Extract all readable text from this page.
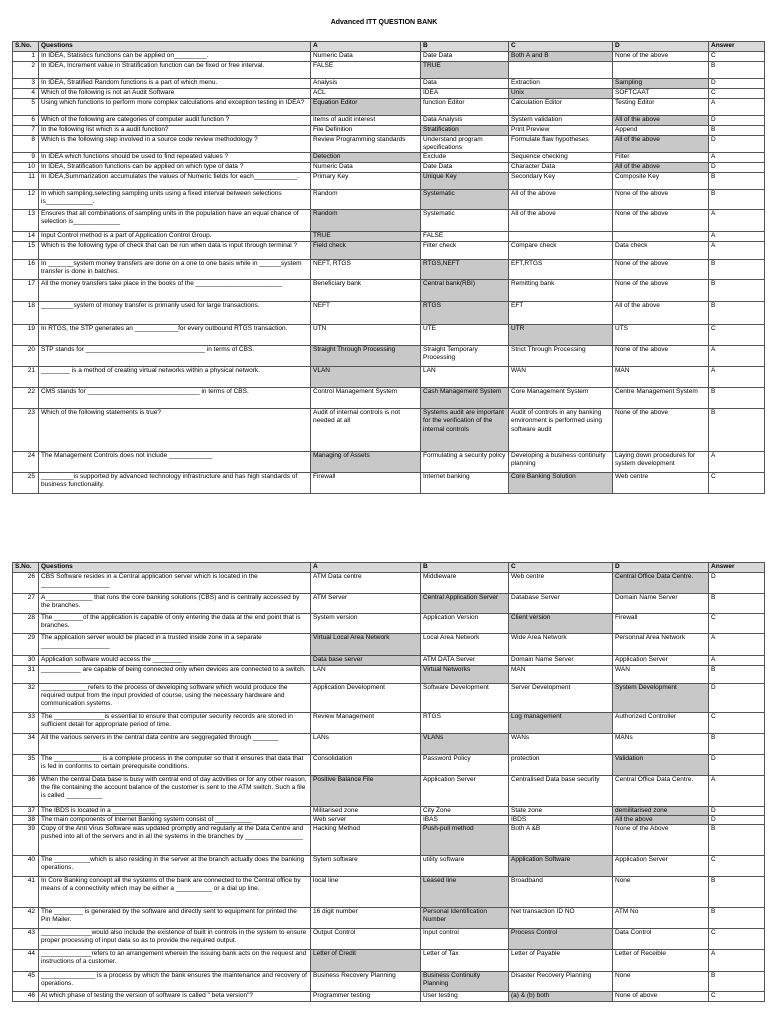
Advanced ITT QUESTION BANK
S.No.	Questions	A	B	C	D	Answer
1	In IDEA, Statistics functions can be applied on_________.	Numeric Data	Date Data	Both A and B	None of the above	C
2	In IDEA, Increment value in Stratification function can be fixed or free interval.	FALSE	TRUE			B
3	In IDEA, Stratified Random functions is a part of which menu.	Analysis	Data	Extraction	Sampling	D
4	Which of the following is not an Audit Software	ACL	IDEA	Unix	SOFTCAAT	C
5	Using which functions to perform more complex calculations and exception testing in IDEA?	Equation Editor	function Editor	Calculation Editor	Testing Editor	A
6	Which of the following are categories of computer audit function ?	Items of audit interest	Data Analysis	System validation	All of the above	D
7	In the following list which is a audit function?	File Definition	Stratification	Print Preview	Append	B
8	Which is the following step involved in a source code review methodology ?	Review Programming standards	Understand program specifications	Formulate flaw hypotheses	All of the above	D
9	In IDEA which functions should be used to find repeated values ?	Detection	Exclude	Sequence checking	Filter	A
10	In IDEA, Stratification functions can be applied on which type of data ?	Numeric Data	Date Data	Character Data	All of the above	D
11	In IDEA,Summarization accumulates the values of Numeric fields for each____________.	Primary Key	Unique Key	Secondary Key	Composite Key	B
12	In which sampling,selecting sampling units using a fixed interval between selections is_____________.	Random	Systematic	All of the above	None of the above	B
13	Ensures that all combinations of sampling units in the population have an equal chance of selection is_____________	Random	Systematic	All of the above	None of the above	A
14	Input Control method is a part of Application Control Group.	TRUE	FALSE			A
15	Which is the following type of check that can be run when data is input through terminal ?	Field check	Filter check	Compare check	Data check	A
16	In _______system money transfers are done on a one to one basis while in ______system transfer is done in batches.	NEFT, RTGS	RTGS,NEFT	EFT,RTGS	None of the above	B
17	All the money transfers take place in the books of the ________________________	Beneficiary bank	Central bank(RBI)	Remitting bank	None of the above	B
18	_________system of money transfer is primarily used for large transactions.	NEFT	RTGS	EFT	All of the above	B
19	In RTGS, the STP generates an ____________for every outbound RTGS transaction.	UTN	UTE	UTR	UTS	C
20	STP stands for _________________________________ in terms of CBS.	Straight Through Processing	Straight Temporary Processing	Strict Through Processing	None of the above	A
21	________ is a method of creating virtual networks within a physical network.	VLAN	LAN	WAN	MAN	A
22	CMS stands for _______________________________ in terms of CBS.	Control Management System	Cash Management System	Core Management System	Centre Management System	B
23	Which of the following statements is true?	Audit of internal controls is not needed at all	Systems audit are important for the verification of the internal controls	Audit of controls in any banking environment is performed using software audit	None of the above	B
24	The Management Controls does not include ____________	Managing of Assets	Formulating a security policy	Developing a business continuity planning	Laying down procedures for system development	A
25	_________is supported by advanced technology infrastructure and has high standards of business functionality.	Firewall	Internet banking	Core Banking Solution	Web centre	C
S.No.	Questions	A	B	C	D	Answer
26	CBS Software resides in a Central application server which is located in the ___________________	ATM Data centre	Middleware	Web centre	Central Office Data Centre.	D
27	A_____________ that runs the core banking solutions (CBS) and is centrally accessed by the branches.	ATM Server	Central Application Server	Database Server	Domain Name Server	B
28	The ________of the application is capable of only entering the data at the end point that is branches.	System version	Application Version	Client version	Firewall	C
29	The application server would be placed in a trusted inside zone in a separate ___________________	Virtual Local Area Network	Local Area Network	Wide Area Network	Personnal Area Network	A
30	Application software would access the ________	Data base server	ATM DATA Server	Domain Name Server	Application Server	A
31	___________ are capable of being connected only when devices are connected to a switch.	LAN	Virtual Networks	MAN	WAN	B
32	_____________refers to the process of developing software which would produce the required output from the input provided of course, using the necessary hardware and communication systems.	Application Development	Software Development	Server Development	System Development	D
33	The ______________is essential to ensure that computer security records are stored in sufficient detail for appropriate period of time.	Review Management	RTGS	Log management	Authorized Controller	C
34	All the various servers in the central data centre are seggregated through _______	LANs	VLANs	WANs	MANs	B
35	The _____________ is a complete process in the computer so that it ensures that data that is fed in conforms to certain prerequisite conditions.	Consolidation	Password Policy	protection	Validation	D
36	When the central Data base is busy with central end of day activities or for any other reason, the file containing the account balance of the customer is sent to the ATM switch. Such a file is called __________	Positive Balance File	Application Server	Centralised Data base security	Central Office Data Centre.	A
37	The IBDS is located in a ____________	Militarised zone	City Zone	State zone	demilitarised zone	D
38	The main components of Internet Banking system consist of __________	Web server	IBAS	IBDS	All the above	D
39	Copy of the Anti Virus Software was updated promptly and regularly at the Data Centre and pushed into all of the servers and in all the systems in the branches by ________________	Hacking Method	Push-pull method	Both A &B	None of the Above	B
40	The __________which is also residing in the server at the branch actually does the banking operations.	Sytem software	utility software	Application Software	Application Server	C
41	In Core Banking concept all the systems of the bank are connected to the Central office by means of a connectivity which may be either a __________ or a dial up line.	local line	Leased line	Broadband	None	B
42	The ________ is generated by the software and directly sent to equipment for printed the Pin Mailer.	16 digit number	Personal Identification Number	Net transaction ID NO	ATM No	B
43	______________would also include the existence of built in controls in the system to ensure proper processing of input data so as to provide the required output.	Output Control	Input control	Process Control	Data Control	C
44	______________refers to an arrangement wherein the issuing bank acts on the request and instructions of a customer.	Letter of Credit	Letter of Tax	Letter of Payable	Letter of Receible	A
45	_______________ is a process by which the bank ensures the maintenance and recovery of operations.	Business Recovery Planning	Business Continuity Planning	Disaster Recovery Planning	None	B
46	At which phase of testing the version of software is called " beta version"?	Programmer testing	User testing	(a) & (b) both	None of above	C
